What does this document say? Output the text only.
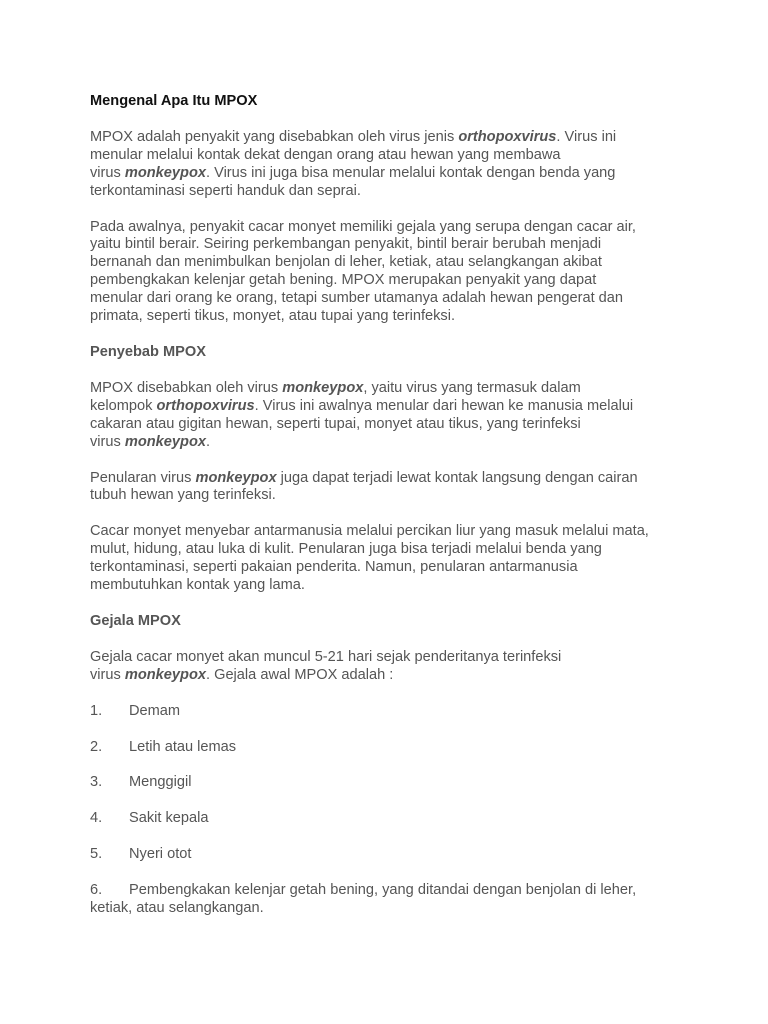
Mengenal Apa Itu MPOX

MPOX adalah penyakit yang disebabkan oleh virus jenis orthopoxvirus. Virus ini
menular melalui kontak dekat dengan orang atau hewan yang membawa
virus monkeypox. Virus ini juga bisa menular melalui kontak dengan benda yang
terkontaminasi seperti handuk dan seprai.

Pada awalnya, penyakit cacar monyet memiliki gejala yang serupa dengan cacar air,
yaitu bintil berair. Seiring perkembangan penyakit, bintil berair berubah menjadi
bernanah dan menimbulkan benjolan di leher, ketiak, atau selangkangan akibat
pembengkakan kelenjar getah bening. MPOX merupakan penyakit yang dapat
menular dari orang ke orang, tetapi sumber utamanya adalah hewan pengerat dan
primata, seperti tikus, monyet, atau tupai yang terinfeksi.

Penyebab MPOX

MPOX disebabkan oleh virus monkeypox, yaitu virus yang termasuk dalam
kelompok orthopoxvirus. Virus ini awalnya menular dari hewan ke manusia melalui
cakaran atau gigitan hewan, seperti tupai, monyet atau tikus, yang terinfeksi
virus monkeypox.

Penularan virus monkeypox juga dapat terjadi lewat kontak langsung dengan cairan
tubuh hewan yang terinfeksi.

Cacar monyet menyebar antarmanusia melalui percikan liur yang masuk melalui mata,
mulut, hidung, atau luka di kulit. Penularan juga bisa terjadi melalui benda yang
terkontaminasi, seperti pakaian penderita. Namun, penularan antarmanusia
membutuhkan kontak yang lama.

Gejala MPOX

Gejala cacar monyet akan muncul 5-21 hari sejak penderitanya terinfeksi
virus monkeypox. Gejala awal MPOX adalah :

1. Demam
2. Letih atau lemas
3. Menggigil
4. Sakit kepala
5. Nyeri otot
6. Pembengkakan kelenjar getah bening, yang ditandai dengan benjolan di leher,
ketiak, atau selangkangan.
